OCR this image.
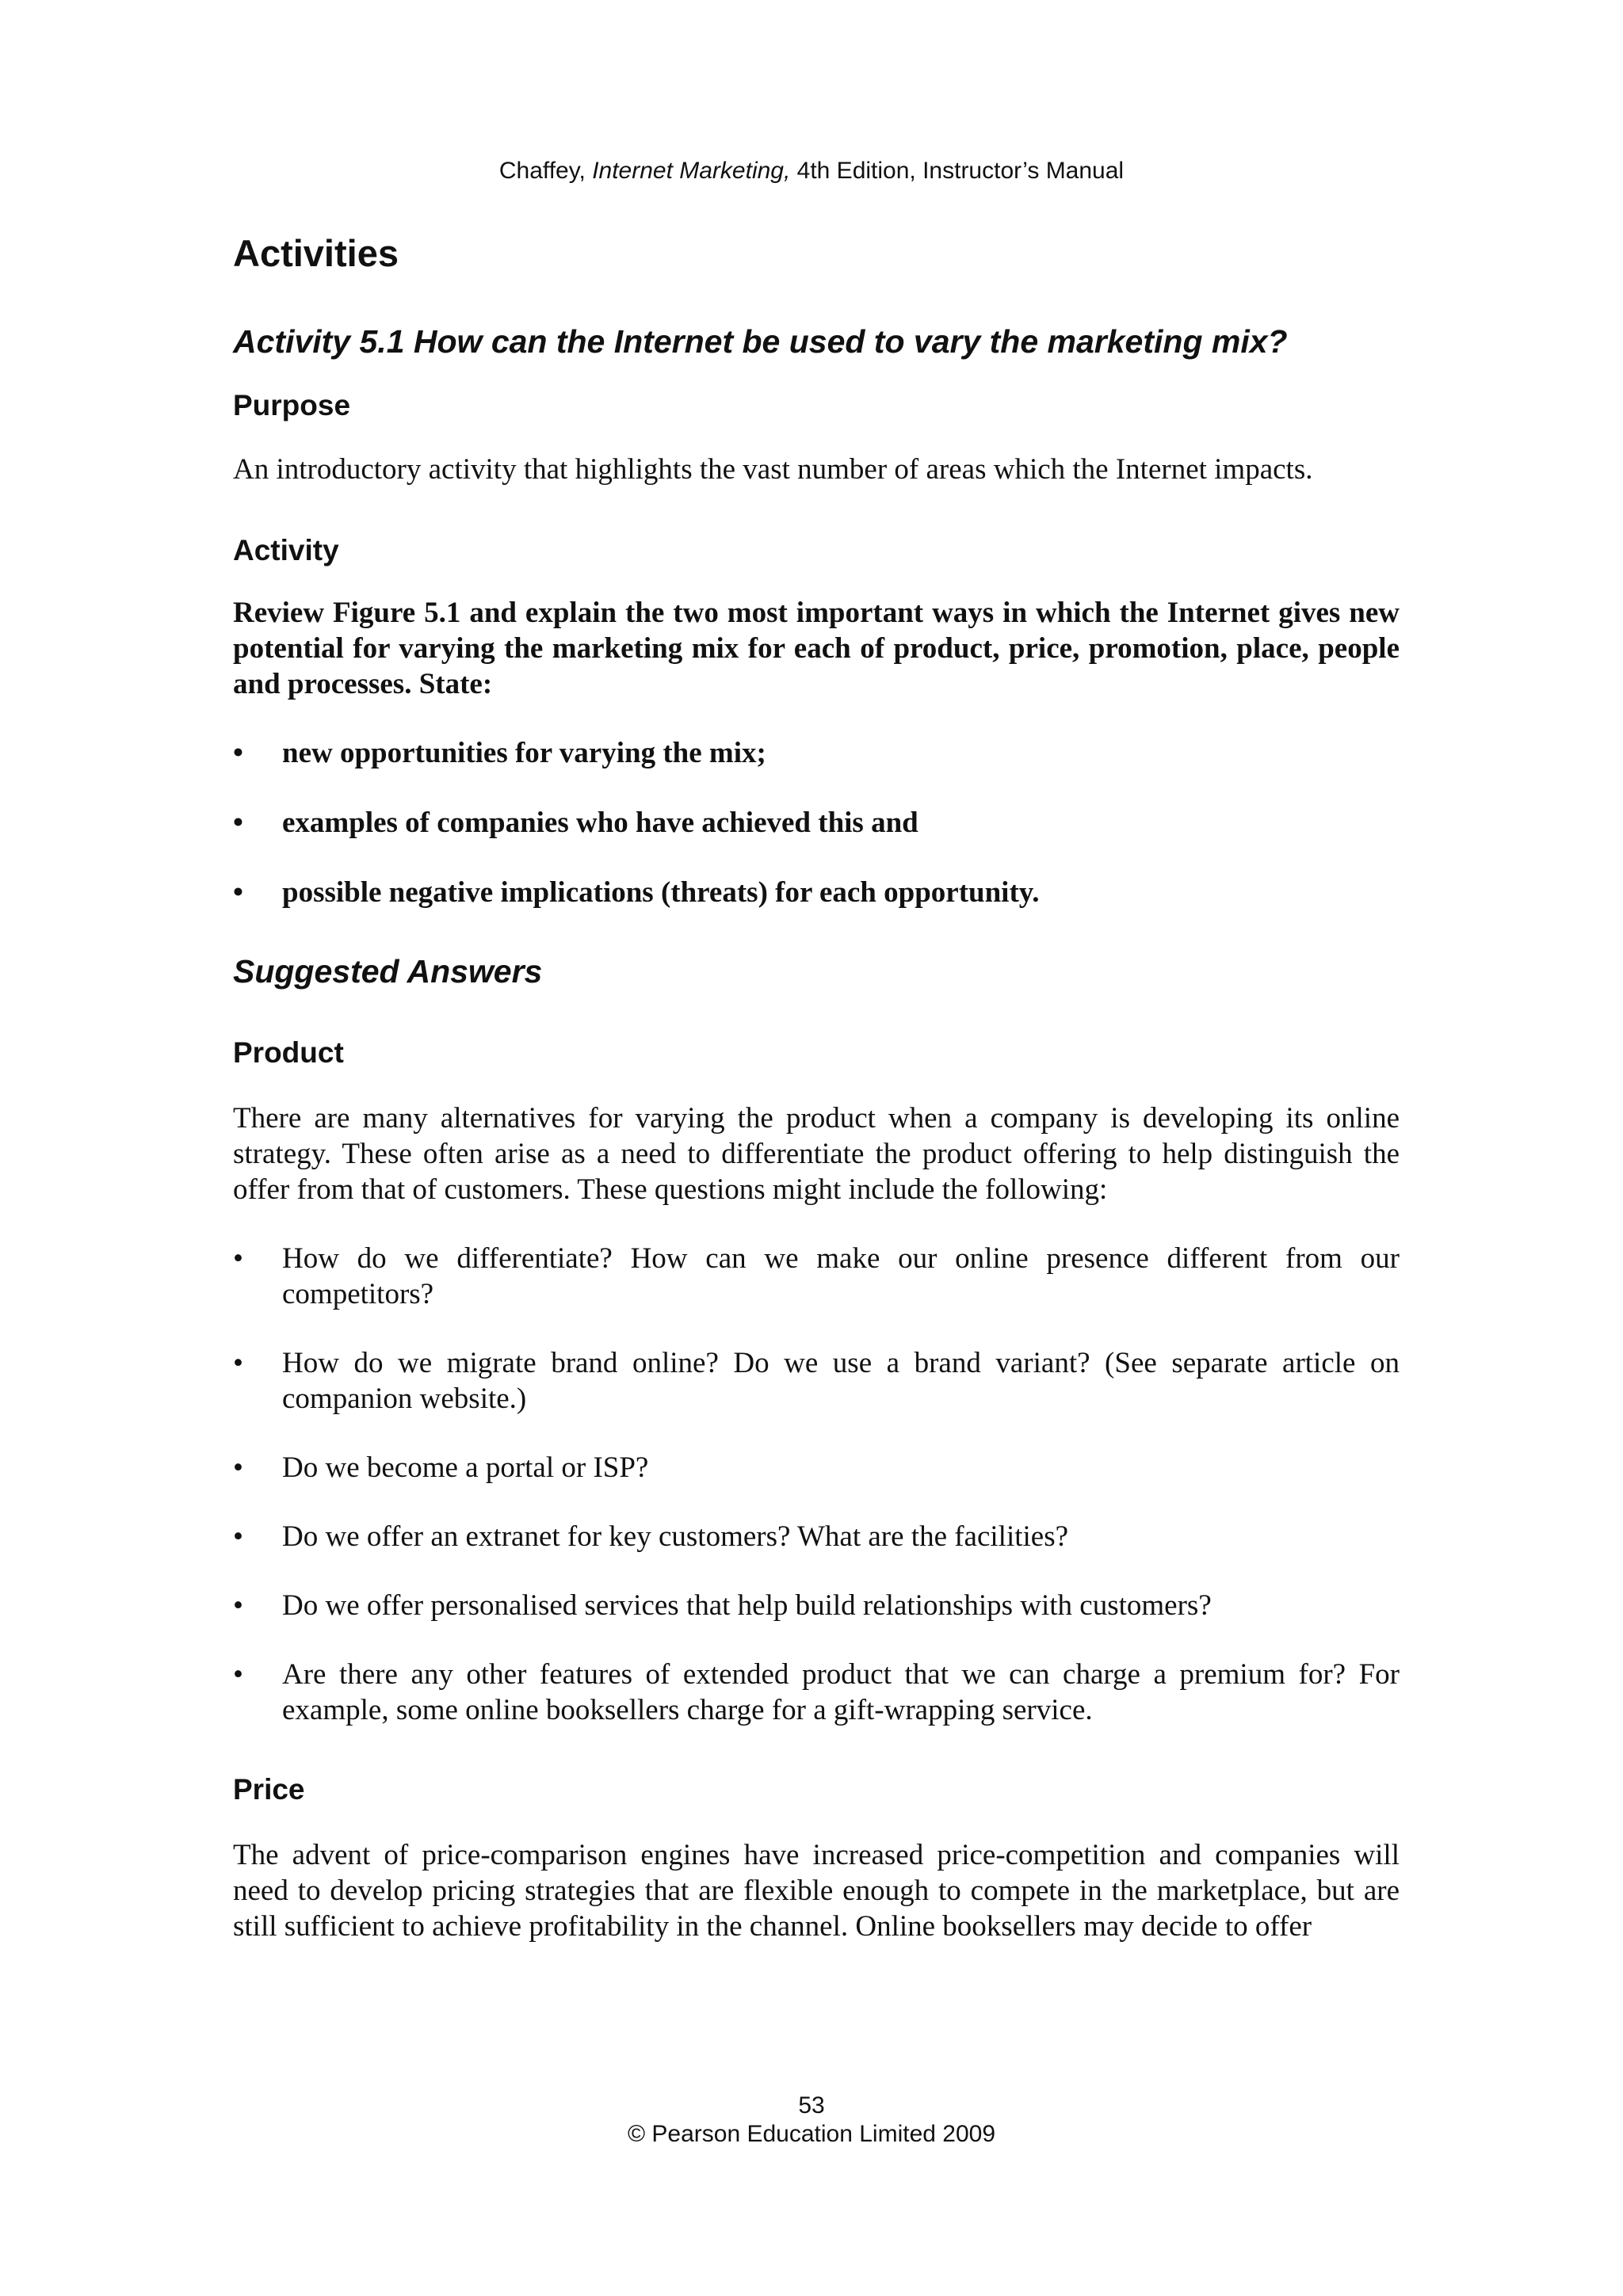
Chaffey, Internet Marketing, 4th Edition, Instructor’s Manual
Activities
Activity 5.1 How can the Internet be used to vary the marketing mix?
Purpose

An introductory activity that highlights the vast number of areas which the Internet impacts.

Activity

Review Figure 5.1 and explain the two most important ways in which the Internet gives new potential for varying the marketing mix for each of product, price, promotion, place, people and processes. State:

• new opportunities for varying the mix;
• examples of companies who have achieved this and
• possible negative implications (threats) for each opportunity.
Suggested Answers
Product

There are many alternatives for varying the product when a company is developing its online strategy. These often arise as a need to differentiate the product offering to help distinguish the offer from that of customers. These questions might include the following:

• How do we differentiate? How can we make our online presence different from our competitors?
• How do we migrate brand online? Do we use a brand variant? (See separate article on companion website.)
• Do we become a portal or ISP?
• Do we offer an extranet for key customers? What are the facilities?
• Do we offer personalised services that help build relationships with customers?
• Are there any other features of extended product that we can charge a premium for? For example, some online booksellers charge for a gift-wrapping service.
Price

The advent of price-comparison engines have increased price-competition and companies will need to develop pricing strategies that are flexible enough to compete in the marketplace, but are still sufficient to achieve profitability in the channel. Online booksellers may decide to offer

53
© Pearson Education Limited 2009
